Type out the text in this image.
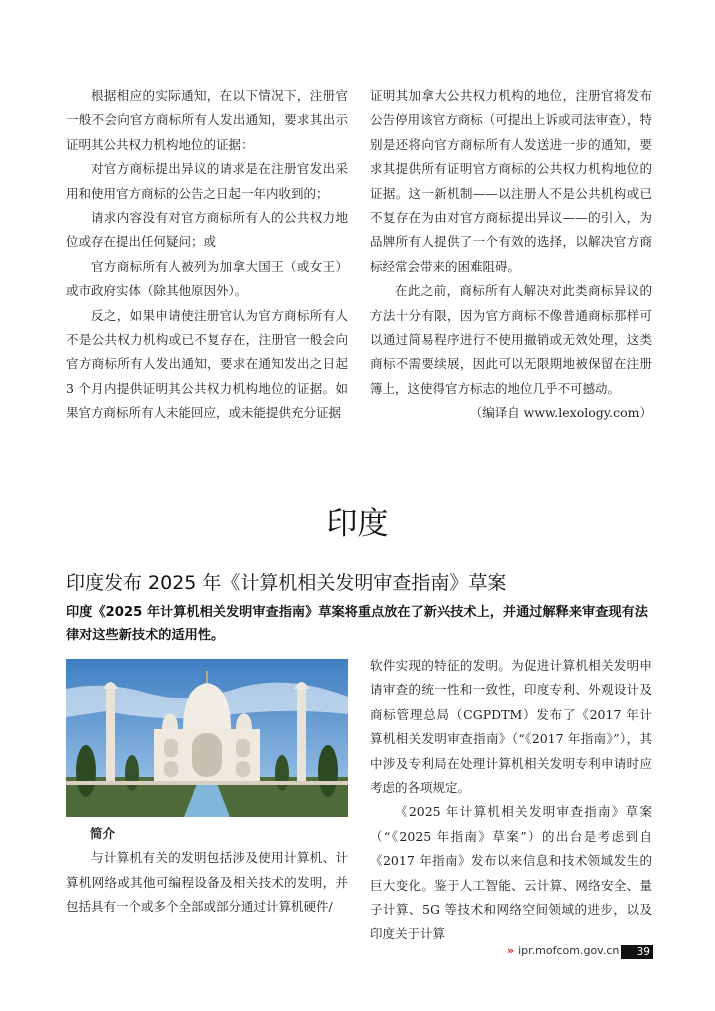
根据相应的实际通知，在以下情况下，注册官一般不会向官方商标所有人发出通知，要求其出示证明其公共权力机构地位的证据：

对官方商标提出异议的请求是在注册官发出采用和使用官方商标的公告之日起一年内收到的；

请求内容没有对官方商标所有人的公共权力地位或存在提出任何疑问；或

官方商标所有人被列为加拿大国王（或女王）或市政府实体（除其他原因外）。

反之，如果申请使注册官认为官方商标所有人不是公共权力机构或已不复存在，注册官一般会向官方商标所有人发出通知，要求在通知发出之日起 3 个月内提供证明其公共权力机构地位的证据。如果官方商标所有人未能回应，或未能提供充分证据

证明其加拿大公共权力机构的地位，注册官将发布公告停用该官方商标（可提出上诉或司法审查），特别是还将向官方商标所有人发送进一步的通知，要求其提供所有证明官方商标的公共权力机构地位的证据。这一新机制——以注册人不是公共机构或已不复存在为由对官方商标提出异议——的引入，为品牌所有人提供了一个有效的选择，以解决官方商标经常会带来的困难阻碍。

在此之前，商标所有人解决对此类商标异议的方法十分有限，因为官方商标不像普通商标那样可以通过简易程序进行不使用撤销或无效处理，这类商标不需要续展，因此可以无限期地被保留在注册簿上，这使得官方标志的地位几乎不可撼动。

（编译自 www.lexology.com）

印度
印度发布 2025 年《计算机相关发明审查指南》草案
印度《2025 年计算机相关发明审查指南》草案将重点放在了新兴技术上，并通过解释来审查现有法律对这些新技术的适用性。

简介

与计算机有关的发明包括涉及使用计算机、计算机网络或其他可编程设备及相关技术的发明，并包括具有一个或多个全部或部分通过计算机硬件/

软件实现的特征的发明。为促进计算机相关发明申请审查的统一性和一致性，印度专利、外观设计及商标管理总局（CGPDTM）发布了《2017 年计算机相关发明审查指南》（“《2017 年指南》”），其中涉及专利局在处理计算机相关发明专利申请时应考虑的各项规定。

《2025 年计算机相关发明审查指南》草案（“《2025 年指南》草案”）的出台是考虑到自《2017 年指南》发布以来信息和技术领域发生的巨大变化。鉴于人工智能、云计算、网络安全、量子计算、5G 等技术和网络空间领域的进步，以及印度关于计算

» ipr.mofcom.gov.cn	39
